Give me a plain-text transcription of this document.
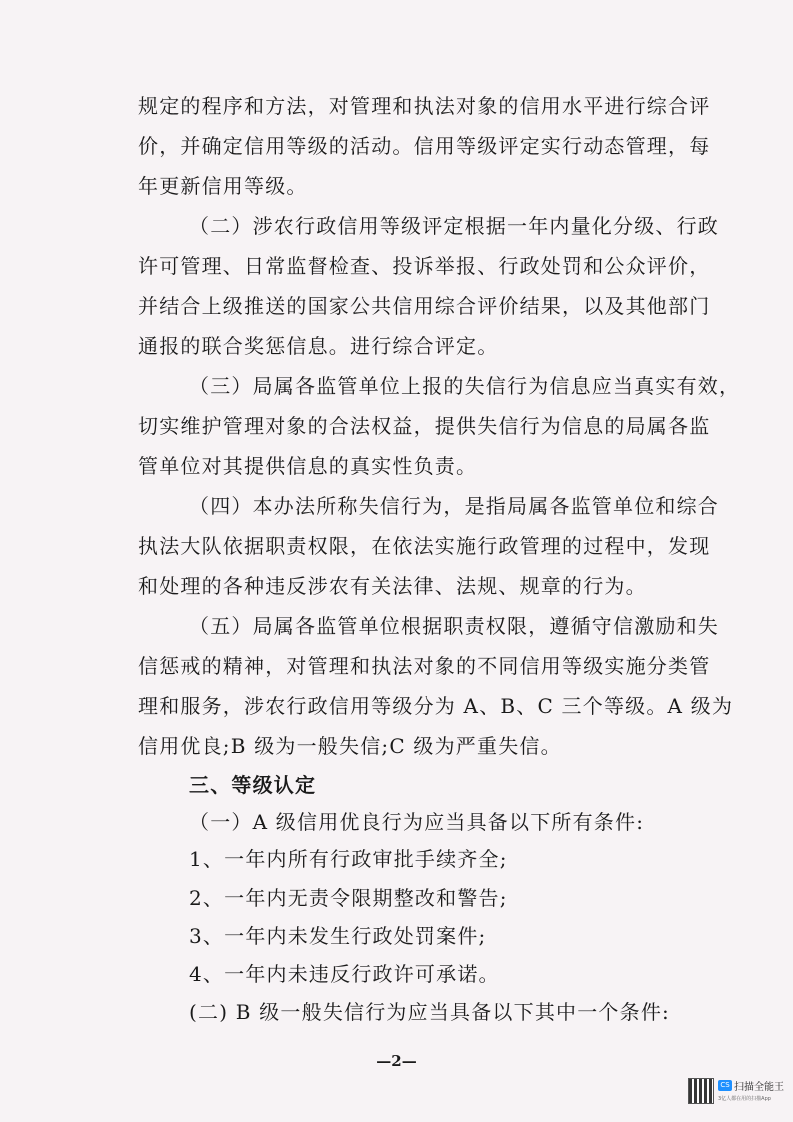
规定的程序和方法，对管理和执法对象的信用水平进行综合评
价，并确定信用等级的活动。信用等级评定实行动态管理，每
年更新信用等级。
（二）涉农行政信用等级评定根据一年内量化分级、行政
许可管理、日常监督检查、投诉举报、行政处罚和公众评价，
并结合上级推送的国家公共信用综合评价结果，以及其他部门
通报的联合奖惩信息。进行综合评定。
（三）局属各监管单位上报的失信行为信息应当真实有效，
切实维护管理对象的合法权益，提供失信行为信息的局属各监
管单位对其提供信息的真实性负责。
（四）本办法所称失信行为，是指局属各监管单位和综合
执法大队依据职责权限，在依法实施行政管理的过程中，发现
和处理的各种违反涉农有关法律、法规、规章的行为。
（五）局属各监管单位根据职责权限，遵循守信激励和失
信惩戒的精神，对管理和执法对象的不同信用等级实施分类管
理和服务，涉农行政信用等级分为 A、B、C 三个等级。A 级为
信用优良;B 级为一般失信;C 级为严重失信。
三、等级认定
（一）A 级信用优良行为应当具备以下所有条件:
1、一年内所有行政审批手续齐全;
2、一年内无责令限期整改和警告;
3、一年内未发生行政处罚案件;
4、一年内未违反行政许可承诺。
(二) B 级一般失信行为应当具备以下其中一个条件:
—2—
CS 扫描全能王
3亿人都在用的扫描App
